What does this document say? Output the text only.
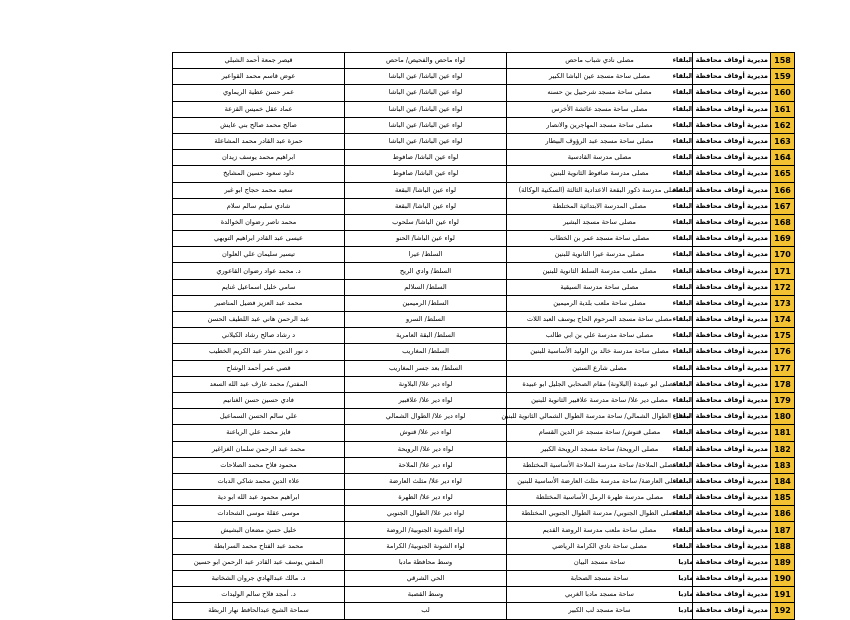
قيصر جمعة أحمد الشبلي	لواء ماحص والفحيص/ ماحص	مصلى نادي شباب ماحص	مديرية أوقاف محافظة البلقاء	158
عوض قاسم محمد القواعير	لواء عين الباشا/ عين الباشا	مصلى ساحة مسجد عين الباشا الكبير	مديرية أوقاف محافظة البلقاء	159
عمر حسن عطية الريماوي	لواء عين الباشا/ عين الباشا	مصلى ساحة مسجد شرحبيل بن حسنه	مديرية أوقاف محافظة البلقاء	160
عماد عقل خميس القزعة	لواء عين الباشا/ عين الباشا	مصلى ساحة مسجد عائشة الأخرس	مديرية أوقاف محافظة البلقاء	161
صالح محمد صالح بني عايش	لواء عين الباشا/ عين الباشا	مصلى ساحة مسجد المهاجرين والانصار	مديرية أوقاف محافظة البلقاء	162
حمزة عبد القادر محمد المشاعلة	لواء عين الباشا/ عين الباشا	مصلى ساحة مسجد عبد الرؤوف البيطار	مديرية أوقاف محافظة البلقاء	163
ابراهيم محمد يوسف زيدان	لواء عين الباشا/ صافوط	مصلى مدرسة القادسية	مديرية أوقاف محافظة البلقاء	164
داود سعود حسين المشايخ	لواء عين الباشا/ صافوط	مصلى مدرسة صافوط الثانوية للبنين	مديرية أوقاف محافظة البلقاء	165
سعيد محمد حجاج ابو غبر	لواء عين الباشا/ البقعة	مصلى مدرسة ذكور البقعة الاعدادية الثالثة (السكنية الوكالة)	مديرية أوقاف محافظة البلقاء	166
شادي سليم سالم سلام	لواء عين الباشا/ البقعة	مصلى المدرسة الابتدائية المختلطة	مديرية أوقاف محافظة البلقاء	167
محمد ناصر رضوان الخوالدة	لواء عين الباشا/ سلحوب	مصلى ساحة مسجد البشير	مديرية أوقاف محافظة البلقاء	168
عيسى عبد القادر ابراهيم التويهي	لواء عين الباشا/ الحنو	مصلى ساحة مسجد عمر بن الخطاب	مديرية أوقاف محافظة البلقاء	169
تيسير سليمان علي العلوان	السلط/ عيرا	مصلى مدرسة عيرا الثانوية للبنين	مديرية أوقاف محافظة البلقاء	170
د. محمد عواد رضوان القاعوري	السلط/ وادي الريح	مصلى ملعب مدرسة السلط الثانوية للبنين	مديرية أوقاف محافظة البلقاء	171
سامي خليل اسماعيل غنايم	السلط/ السلالم	مصلى ساحة مدرسة السيقية	مديرية أوقاف محافظة البلقاء	172
محمد عبد العزيز فضيل المناصير	السلط/ الرميمين	مصلى ساحة ملعب بلدية الرميمين	مديرية أوقاف محافظة البلقاء	173
عبد الرحمن هاني عبد اللطيف الحسن	السلط/ السرو	مصلى ساحة مسجد المرحوم الحاج يوسف العبد اللات	مديرية أوقاف محافظة البلقاء	174
د رشاد صالح رشاد الكيلاني	السلط/ البقة العامرية	مصلى ساحة مدرسة علي بن ابي طالب	مديرية أوقاف محافظة البلقاء	175
د نور الدين منذر عبد الكريم الخطيب	السلط/ المغاريب	مصلى ساحة مدرسة خالد بن الوليد الأساسية للبنين	مديرية أوقاف محافظة البلقاء	176
قصي عمر أحمد الوشاح	السلط/ بعد جسر المغاريب	مصلى شارع الستين	مديرية أوقاف محافظة البلقاء	177
المفتي/ محمد عارف عبد الله السعد	لواء دير علا/ البلاونة	مصلى ابو عبيدة (البلاونة) مقام الصحابي الجليل ابو عبيدة	مديرية أوقاف محافظة البلقاء	178
فادي حسين حسن الغنانيم	لواء دير علا/ علاقبير	مصلى دير علا/ ساحة مدرسة علاقبير الثانوية للبنين	مديرية أوقاف محافظة البلقاء	179
علي سالم الحسن السماعيل	لواء دير علا/ الطوال الشمالي	مصلى الطوال الشمالي/ ساحة مدرسة الطوال الشمالي الثانوية للبنين	مديرية أوقاف محافظة البلقاء	180
فايز محمد علي الرياعنة	لواء دير علا/ قنوش	مصلى قنوش/ ساحة مسجد عز الدين القسام	مديرية أوقاف محافظة البلقاء	181
محمد عبد الرحمن سلمان الغزاغير	لواء دير علا/ الرويحة	مصلى الرويحة/ ساحة مسجد الرويحة الكبير	مديرية أوقاف محافظة البلقاء	182
محمود فلاح محمد الصلاحات	لواء دير علا/ الملاحة	مصلى الملاحة/ ساحة مدرسة الملاحة الأساسية المختلطة	مديرية أوقاف محافظة البلقاء	183
علاء الدين محمد شاكي الدبات	لواء دير علا/ مثلث العارضة	مصلى العارضة/ ساحة مدرسة مثلث العارضة الأساسية للبنين	مديرية أوقاف محافظة البلقاء	184
ابراهيم محمود عبد الله ابو دية	لواء دير علا/ الظهرة	مصلى مدرسة ظهرة الرمل الأساسية المختلطة	مديرية أوقاف محافظة البلقاء	185
موسى عقلة موسى الشحادات	لواء دير علا/ الطوال الجنوبي	مصلى الطوال الجنوبي/ مدرسة الطوال الجنوبي المختلطة	مديرية أوقاف محافظة البلقاء	186
خليل حسن مضعان البشيش	لواء الشونة الجنوبية/ الروضة	مصلى ساحة ملعب مدرسة الروضة القديم	مديرية أوقاف محافظة البلقاء	187
محمد عبد الفتاح محمد السرابطة	لواء الشونة الجنوبية/ الكرامة	مصلى ساحة نادي الكرامة الرياضي	مديرية أوقاف محافظة البلقاء	188
المفتي يوسف عبد القادر عبد الرحمن ابو حسين	وسط محافظة مادبا	ساحة مسجد البيان	مديرية أوقاف محافظة مادبا	189
د. مالك عبدالهادي جروان الشخاتبة	الحي الشرقي	ساحة مسجد الصحابة	مديرية أوقاف محافظة مادبا	190
د. أمجد فلاح سالم الوليدات	وسط القصبة	ساحة مسجد مادبا الغربي	مديرية أوقاف محافظة مادبا	191
سماحة الشيخ عبدالحافظ نهار الربطة	لب	ساحة مسجد لب الكبير	مديرية أوقاف محافظة مادبا	192
